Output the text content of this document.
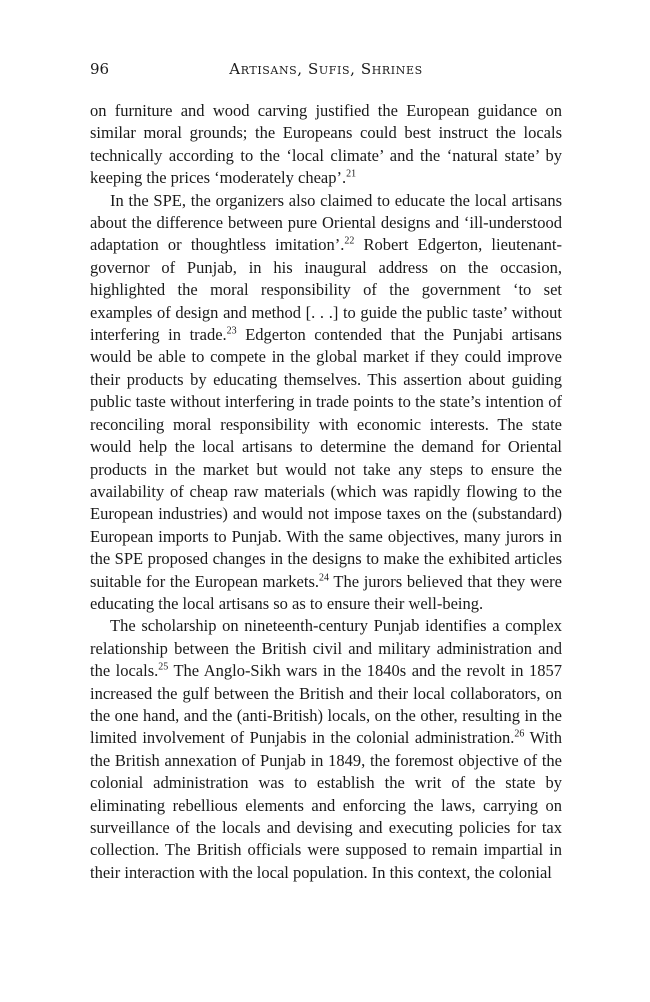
96	Artisans, Sufis, Shrines

on furniture and wood carving justified the European guidance on similar moral grounds; the Europeans could best instruct the locals technically according to the ‘local climate’ and the ‘natural state’ by keeping the prices ‘moderately cheap’.$^{21}$

In the SPE, the organizers also claimed to educate the local artisans about the difference between pure Oriental designs and ‘ill-understood adaptation or thoughtless imitation’.$^{22}$ Robert Edgerton, lieutenant-governor of Punjab, in his inaugural address on the occasion, highlighted the moral responsibility of the government ‘to set examples of design and method [. . .] to guide the public taste’ without interfering in trade.$^{23}$ Edgerton contended that the Punjabi artisans would be able to compete in the global market if they could improve their products by educating themselves. This assertion about guiding public taste without interfering in trade points to the state’s intention of reconciling moral responsibility with economic interests. The state would help the local artisans to determine the demand for Oriental products in the market but would not take any steps to ensure the availability of cheap raw materials (which was rapidly flowing to the European industries) and would not impose taxes on the (substandard) European imports to Punjab. With the same objectives, many jurors in the SPE proposed changes in the designs to make the exhibited articles suitable for the European markets.$^{24}$ The jurors believed that they were educating the local artisans so as to ensure their well-being.

The scholarship on nineteenth-century Punjab identifies a complex relationship between the British civil and military administration and the locals.$^{25}$ The Anglo-Sikh wars in the 1840s and the revolt in 1857 increased the gulf between the British and their local collaborators, on the one hand, and the (anti-British) locals, on the other, resulting in the limited involvement of Punjabis in the colonial administration.$^{26}$ With the British annexation of Punjab in 1849, the foremost objective of the colonial administration was to establish the writ of the state by eliminating rebellious elements and enforcing the laws, carrying on surveillance of the locals and devising and executing policies for tax collection. The British officials were supposed to remain impartial in their interaction with the local population. In this context, the colonial
